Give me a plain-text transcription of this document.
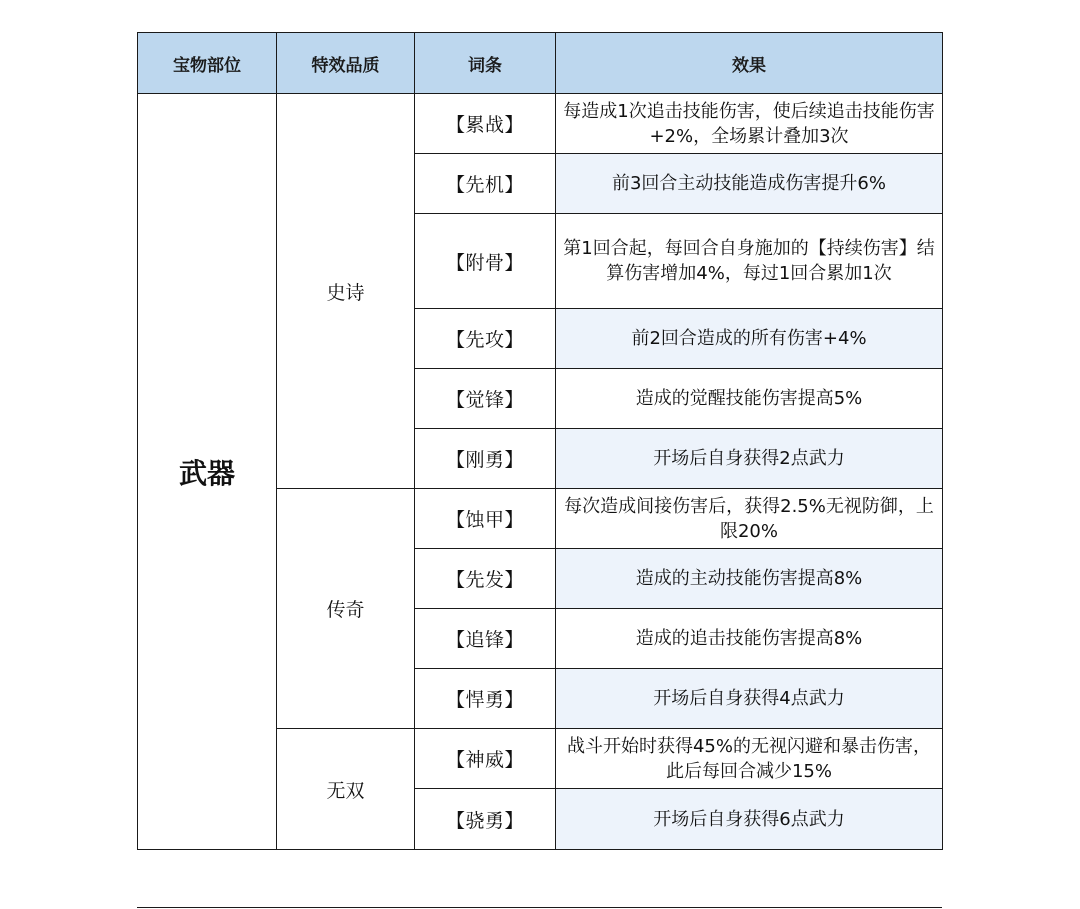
宝物部位	特效品质	词条	效果
武器	史诗	【累战】	每造成1次追击技能伤害，使后续追击技能伤害+2%，全场累计叠加3次
		【先机】	前3回合主动技能造成伤害提升6%
		【附骨】	第1回合起，每回合自身施加的【持续伤害】结算伤害增加4%，每过1回合累加1次
		【先攻】	前2回合造成的所有伤害+4%
		【觉锋】	造成的觉醒技能伤害提高5%
		【刚勇】	开场后自身获得2点武力
	传奇	【蚀甲】	每次造成间接伤害后，获得2.5%无视防御，上限20%
		【先发】	造成的主动技能伤害提高8%
		【追锋】	造成的追击技能伤害提高8%
		【悍勇】	开场后自身获得4点武力
	无双	【神威】	战斗开始时获得45%的无视闪避和暴击伤害，此后每回合减少15%
		【骁勇】	开场后自身获得6点武力
